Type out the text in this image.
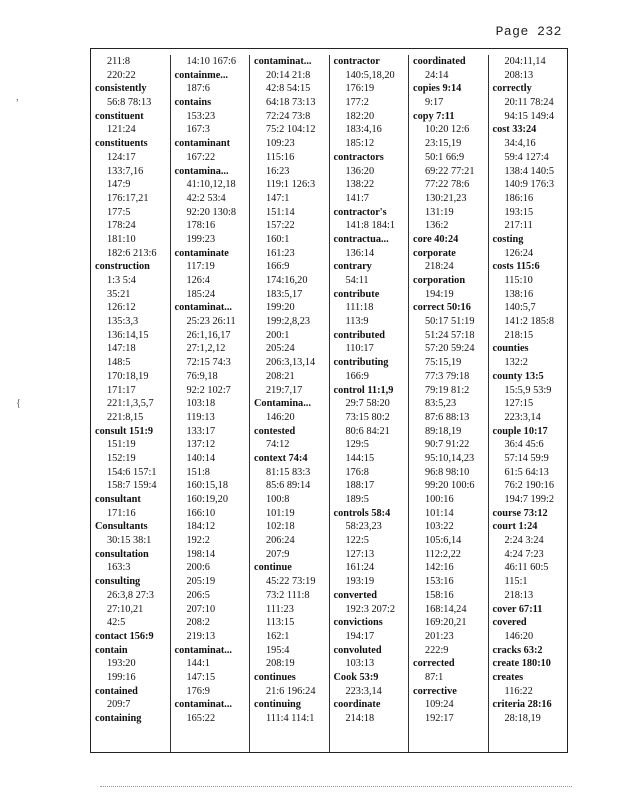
Page 232
,
{
211:8
220:22
consistently
56:8 78:13
constituent
121:24
constituents
124:17
133:7,16
147:9
176:17,21
177:5
178:24
181:10
182:6 213:6
construction
1:3 5:4
35:21
126:12
135:3,3
136:14,15
147:18
148:5
170:18,19
171:17
221:1,3,5,7
221:8,15
consult 151:9
151:19
152:19
154:6 157:1
158:7 159:4
consultant
171:16
Consultants
30:15 38:1
consultation
163:3
consulting
26:3,8 27:3
27:10,21
42:5
contact 156:9
contain
193:20
199:16
contained
209:7
containing
14:10 167:6
containme...
187:6
contains
153:23
167:3
contaminant
167:22
contamina...
41:10,12,18
42:2 53:4
92:20 130:8
178:16
199:23
contaminate
117:19
126:4
185:24
contaminat...
25:23 26:11
26:1,16,17
27:1,2,12
72:15 74:3
76:9,18
92:2 102:7
103:18
119:13
133:17
137:12
140:14
151:8
160:15,18
160:19,20
166:10
184:12
192:2
198:14
200:6
205:19
206:5
207:10
208:2
219:13
contaminat...
144:1
147:15
176:9
contaminat...
165:22
contaminat...
20:14 21:8
42:8 54:15
64:18 73:13
72:24 73:8
75:2 104:12
109:23
115:16
16:23
119:1 126:3
147:1
151:14
157:22
160:1
161:23
166:9
174:16,20
183:5,17
199:20
199:2,8,23
200:1
205:24
206:3,13,14
208:21
219:7,17
Contamina...
146:20
contested
74:12
context 74:4
81:15 83:3
85:6 89:14
100:8
101:19
102:18
206:24
207:9
continue
45:22 73:19
73:2 111:8
111:23
113:15
162:1
195:4
208:19
continues
21:6 196:24
continuing
111:4 114:1
contractor
140:5,18,20
176:19
177:2
182:20
183:4,16
185:12
contractors
136:20
138:22
141:7
contractor's
141:8 184:1
contractua...
136:14
contrary
54:11
contribute
111:18
113:9
contributed
110:17
contributing
166:9
control 11:1,9
29:7 58:20
73:15 80:2
80:6 84:21
129:5
144:15
176:8
188:17
189:5
controls 58:4
58:23,23
122:5
127:13
161:24
193:19
converted
192:3 207:2
convictions
194:17
convoluted
103:13
Cook 53:9
223:3,14
coordinate
214:18
coordinated
24:14
copies 9:14
9:17
copy 7:11
10:20 12:6
23:15,19
50:1 66:9
69:22 77:21
77:22 78:6
130:21,23
131:19
136:2
core 40:24
corporate
218:24
corporation
194:19
correct 50:16
50:17 51:19
51:24 57:18
57:20 59:24
75:15,19
77:3 79:18
79:19 81:2
83:5,23
87:6 88:13
89:18,19
90:7 91:22
95:10,14,23
96:8 98:10
99:20 100:6
100:16
101:14
103:22
105:6,14
112:2,22
142:16
153:16
158:16
168:14,24
169:20,21
201:23
222:9
corrected
87:1
corrective
109:24
192:17
204:11,14
208:13
correctly
20:11 78:24
94:15 149:4
cost 33:24
34:4,16
59:4 127:4
138:4 140:5
140:9 176:3
186:16
193:15
217:11
costing
126:24
costs 115:6
115:10
138:16
140:5,7
141:2 185:8
218:15
counties
132:2
county 13:5
15:5,9 53:9
127:15
223:3,14
couple 10:17
36:4 45:6
57:14 59:9
61:5 64:13
76:2 190:16
194:7 199:2
course 73:12
court 1:24
2:24 3:24
4:24 7:23
46:11 60:5
115:1
218:13
cover 67:11
covered
146:20
cracks 63:2
create 180:10
creates
116:22
criteria 28:16
28:18,19
